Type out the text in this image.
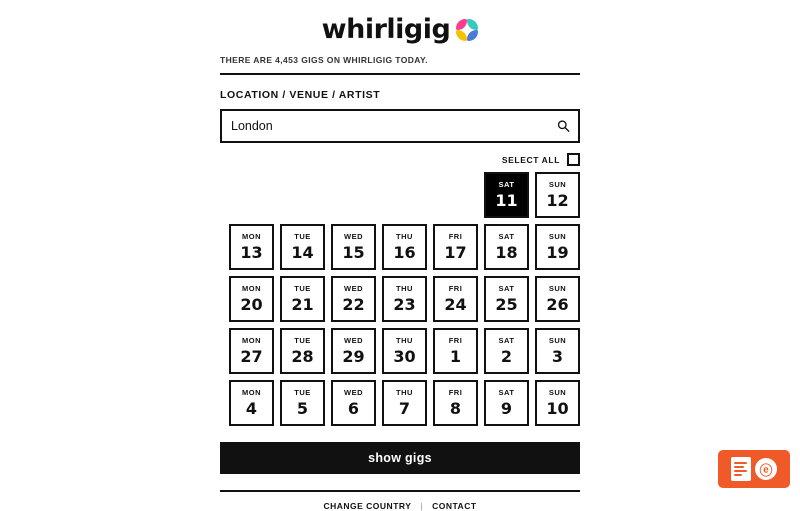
whirligig
THERE ARE 4,453 GIGS ON WHIRLIGIG TODAY.
LOCATION / VENUE / ARTIST
London
SELECT ALL
SAT
11
SUN
12
MON
13
TUE
14
WED
15
THU
16
FRI
17
SAT
18
SUN
19
MON
20
TUE
21
WED
22
THU
23
FRI
24
SAT
25
SUN
26
MON
27
TUE
28
WED
29
THU
30
FRI
1
SAT
2
SUN
3
MON
4
TUE
5
WED
6
THU
7
FRI
8
SAT
9
SUN
10
show gigs
CHANGE COUNTRY | CONTACT
ⓔ
